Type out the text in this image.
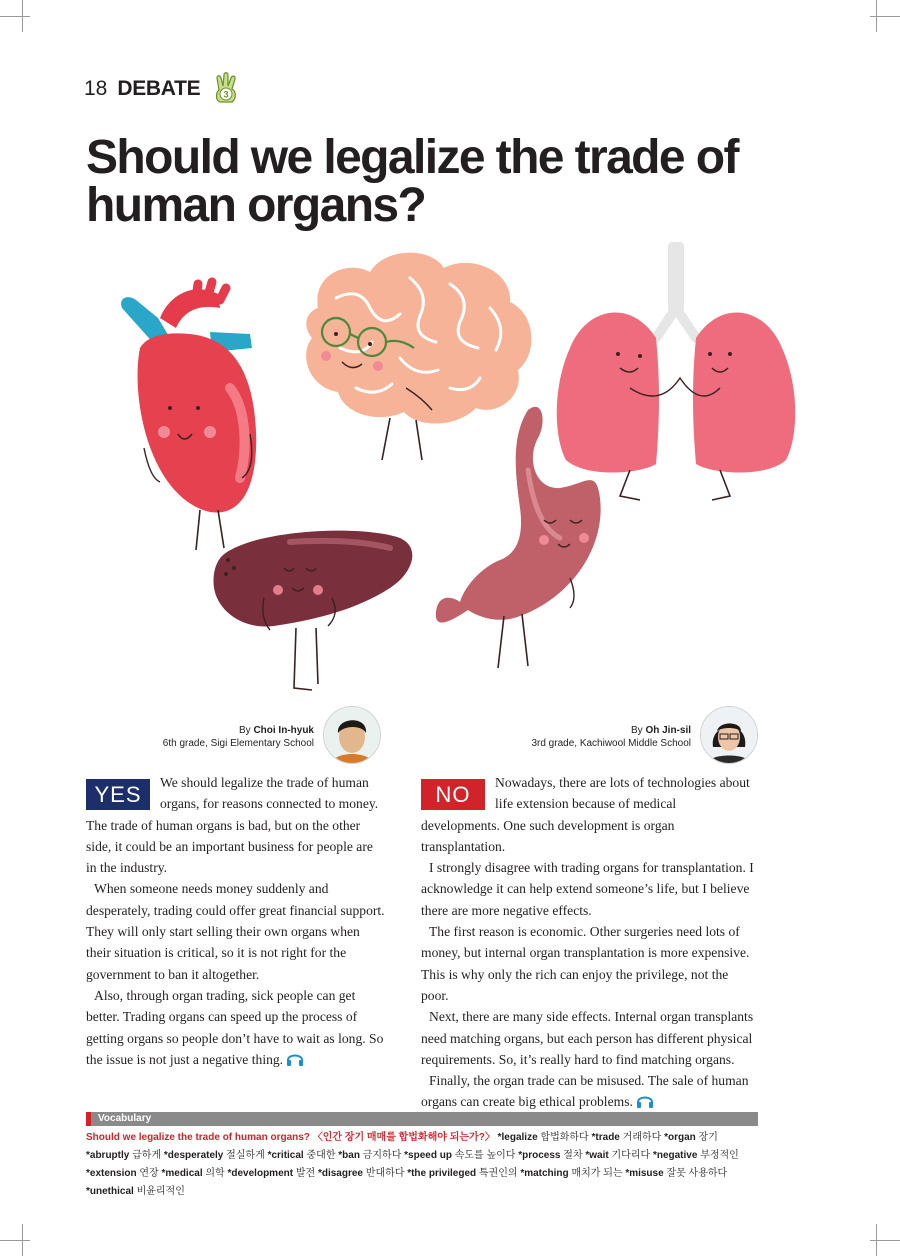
18 DEBATE	3
Should we legalize the trade of human organs?
By Choi In-hyuk
6th grade, Sigi Elementary School
By Oh Jin-sil
3rd grade, Kachiwool Middle School
YES	We should legalize the trade of human organs, for reasons connected to money. The trade of human organs is bad, but on the other side, it could be an important business for people are in the industry.

When someone needs money suddenly and desperately, trading could offer great financial support. They will only start selling their own organs when their situation is critical, so it is not right for the government to ban it altogether.

Also, through organ trading, sick people can get better. Trading organs can speed up the process of getting organs so people don’t have to wait as long. So the issue is not just a negative thing.

NO	Nowadays, there are lots of technologies about life extension because of medical developments. One such development is organ transplantation.

I strongly disagree with trading organs for transplantation. I acknowledge it can help extend someone’s life, but I believe there are more negative effects.

The first reason is economic. Other surgeries need lots of money, but internal organ transplantation is more expensive. This is why only the rich can enjoy the privilege, not the poor.

Next, there are many side effects. Internal organ transplants need matching organs, but each person has different physical requirements. So, it’s really hard to find matching organs.

Finally, the organ trade can be misused. The sale of human organs can create big ethical problems.

Vocabulary
Should we legalize the trade of human organs? 〈인간 장기 매매를 합법화해야 되는가?〉 *legalize 합법화하다 *trade 거래하다 *organ 장기 *abruptly 급하게 *desperately 절실하게 *critical 중대한 *ban 금지하다 *speed up 속도를 높이다 *process 절차 *wait 기다리다 *negative 부정적인 *extension 연장 *medical 의학 *development 발전 *disagree 반대하다 *the privileged 특권인의 *matching 매치가 되는 *misuse 잘못 사용하다 *unethical 비윤리적인
